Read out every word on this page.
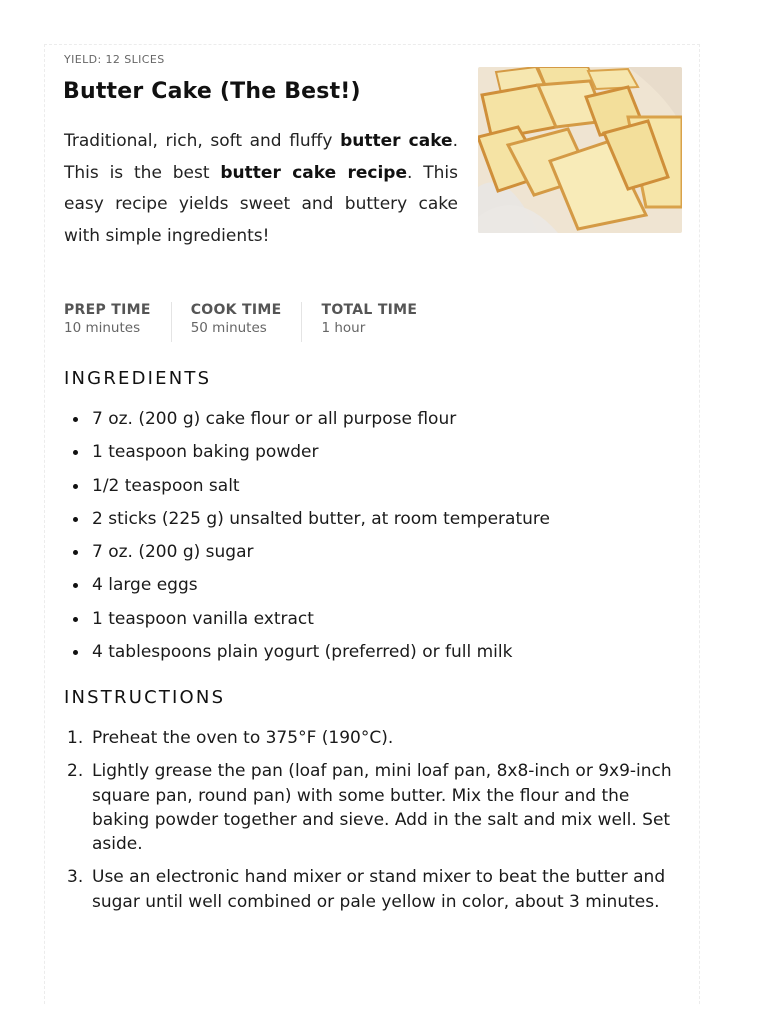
YIELD: 12 SLICES
Butter Cake (The Best!)

Traditional, rich, soft and fluffy butter cake. This is the best butter cake recipe. This easy recipe yields sweet and buttery cake with simple ingredients!

PREP TIME
10 minutes
COOK TIME
50 minutes
TOTAL TIME
1 hour
INGREDIENTS
7 oz. (200 g) cake flour or all purpose flour
1 teaspoon baking powder
1/2 teaspoon salt
2 sticks (225 g) unsalted butter, at room temperature
7 oz. (200 g) sugar
4 large eggs
1 teaspoon vanilla extract
4 tablespoons plain yogurt (preferred) or full milk
INSTRUCTIONS
1. Preheat the oven to 375°F (190°C).
2. Lightly grease the pan (loaf pan, mini loaf pan, 8x8-inch or 9x9-inch square pan, round pan) with some butter. Mix the flour and the baking powder together and sieve. Add in the salt and mix well. Set aside.
3. Use an electronic hand mixer or stand mixer to beat the butter and sugar until well combined or pale yellow in color, about 3 minutes.
